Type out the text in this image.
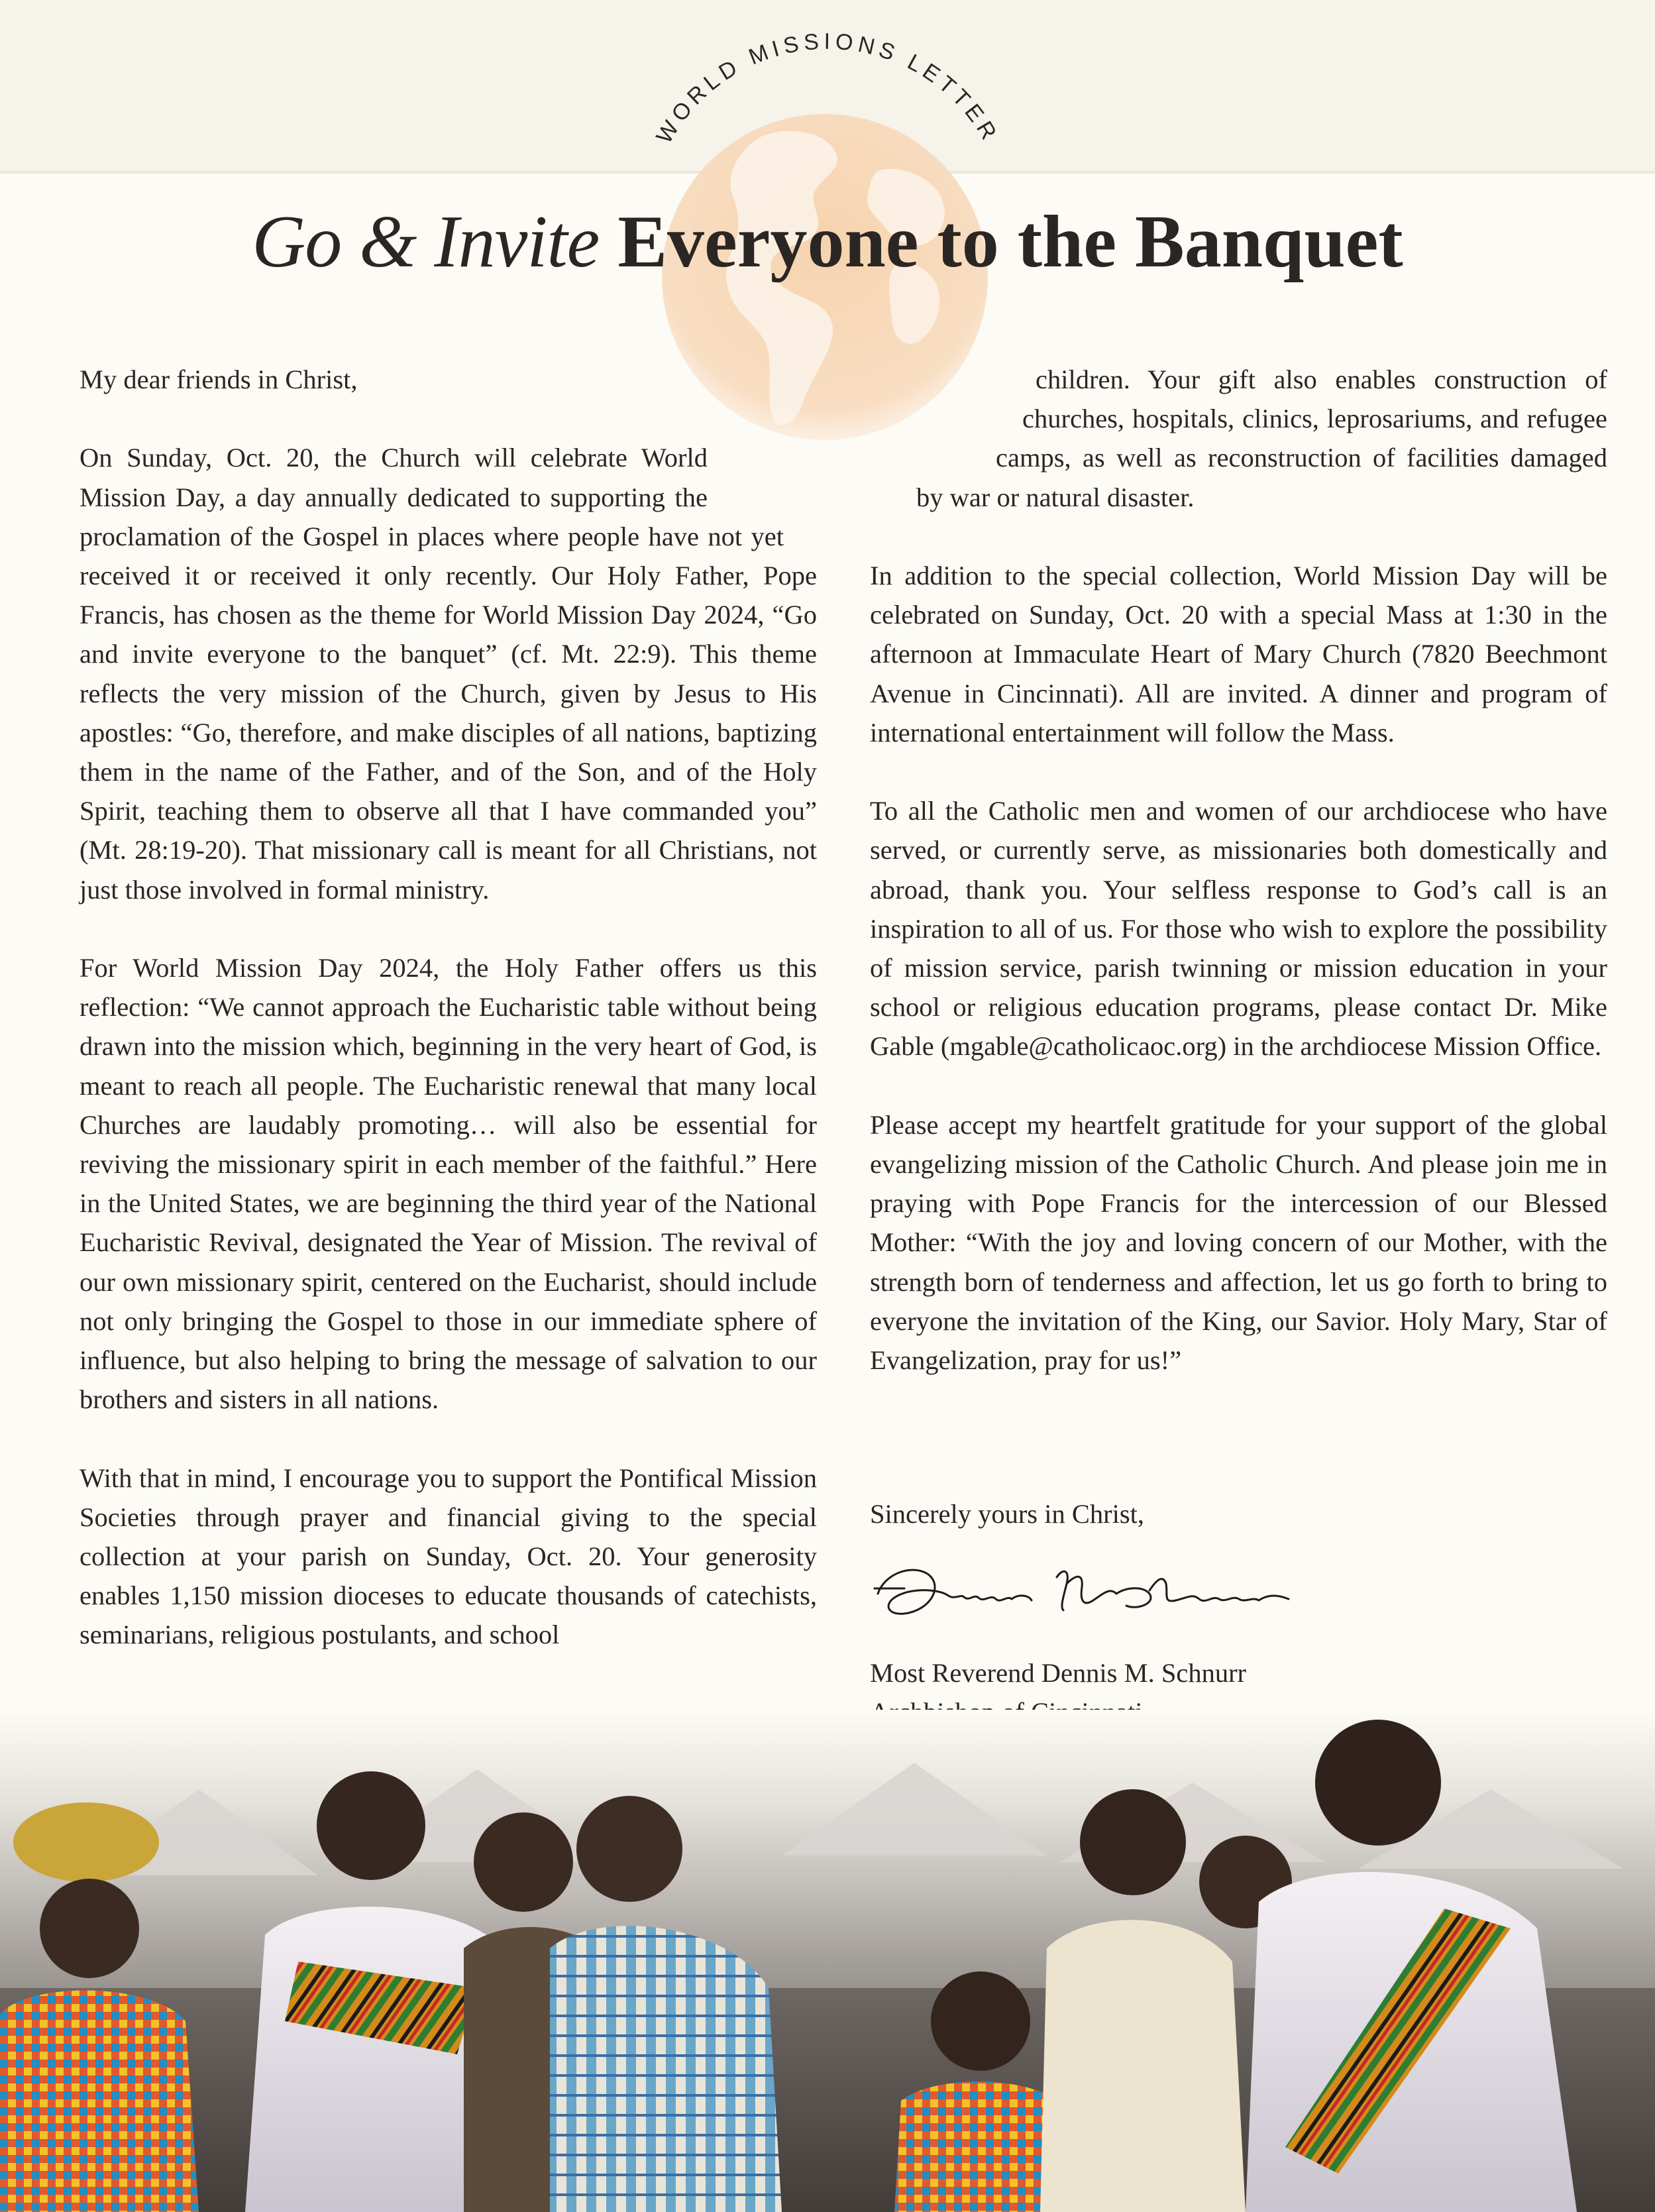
WORLD MISSIONS LETTER
Go & Invite Everyone to the Banquet

My dear friends in Christ,

On Sunday, Oct. 20, the Church will celebrate World Mission Day, a day annually dedicated to supporting the proclamation of the Gospel in places where people have not yet received it or received it only recently. Our Holy Father, Pope Francis, has chosen as the theme for World Mission Day 2024, “Go and invite everyone to the banquet” (cf. Mt. 22:9). This theme reflects the very mission of the Church, given by Jesus to His apostles: “Go, therefore, and make disciples of all nations, baptizing them in the name of the Father, and of the Son, and of the Holy Spirit, teaching them to observe all that I have commanded you” (Mt. 28:19-20). That missionary call is meant for all Christians, not just those involved in formal ministry.

For World Mission Day 2024, the Holy Father offers us this reflection: “We cannot approach the Eucharistic table without being drawn into the mission which, beginning in the very heart of God, is meant to reach all people. The Eucharistic renewal that many local Churches are laudably promoting… will also be essential for reviving the missionary spirit in each member of the faithful.” Here in the United States, we are beginning the third year of the National Eucharistic Revival, designated the Year of Mission. The revival of our own missionary spirit, centered on the Eucharist, should include not only bringing the Gospel to those in our immediate sphere of influence, but also helping to bring the message of salvation to our brothers and sisters in all nations.

With that in mind, I encourage you to support the Pontifical Mission Societies through prayer and financial giving to the special collection at your parish on Sunday, Oct. 20. Your generosity enables 1,150 mission dioceses to educate thousands of catechists, seminarians, religious postulants, and school

children. Your gift also enables construction of churches, hospitals, clinics, leprosariums, and refugee camps, as well as reconstruction of facilities damaged by war or natural disaster.

In addition to the special collection, World Mission Day will be celebrated on Sunday, Oct. 20 with a special Mass at 1:30 in the afternoon at Immaculate Heart of Mary Church (7820 Beechmont Avenue in Cincinnati). All are invited. A dinner and program of international entertainment will follow the Mass.

To all the Catholic men and women of our archdiocese who have served, or currently serve, as missionaries both domestically and abroad, thank you. Your selfless response to God’s call is an inspiration to all of us. For those who wish to explore the possibility of mission service, parish twinning or mission education in your school or religious education programs, please contact Dr. Mike Gable (mgable@catholicaoc.org) in the archdiocese Mission Office.

Please accept my heartfelt gratitude for your support of the global evangelizing mission of the Catholic Church. And please join me in praying with Pope Francis for the intercession of our Blessed Mother: “With the joy and loving concern of our Mother, with the strength born of tenderness and affection, let us go forth to bring to everyone the invitation of the King, our Savior. Holy Mary, Star of Evangelization, pray for us!”

Sincerely yours in Christ,
Most Reverend Dennis M. Schnurr
